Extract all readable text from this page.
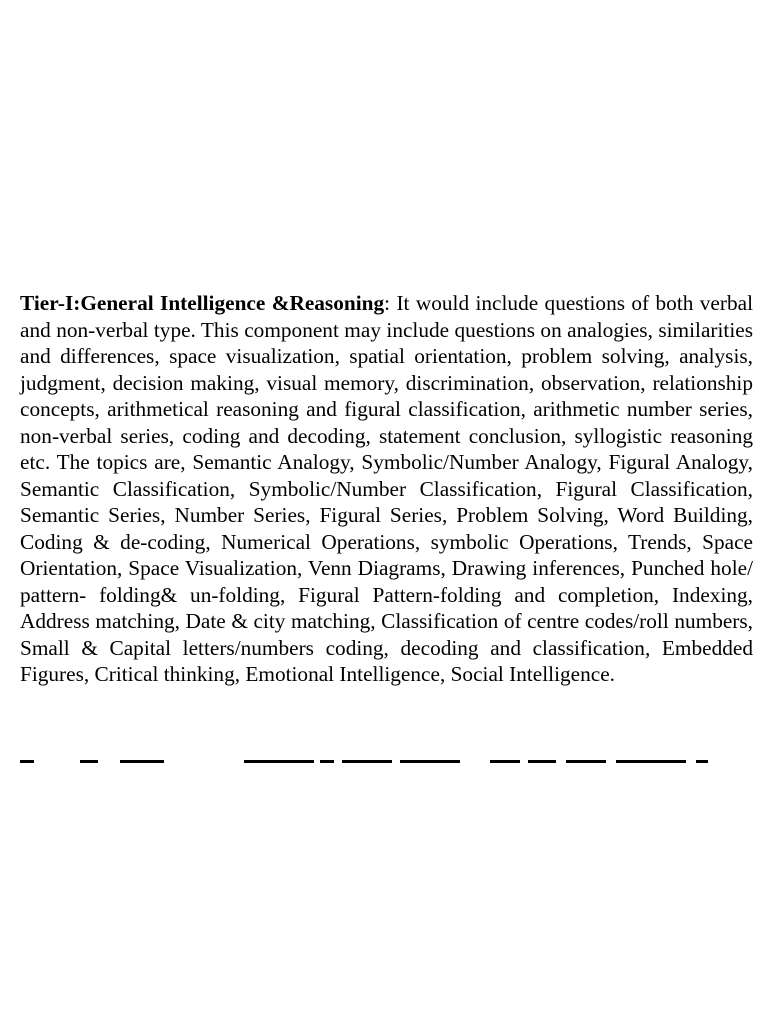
Tier-I:General Intelligence &Reasoning: It would include questions of both verbal and non-verbal type. This component may include questions on analogies, similarities and differences, space visualization, spatial orientation, problem solving, analysis, judgment, decision making, visual memory, discrimination, observation, relationship concepts, arithmetical reasoning and figural classification, arithmetic number series, non-verbal series, coding and decoding, statement conclusion, syllogistic reasoning etc. The topics are, Semantic Analogy, Symbolic/Number Analogy, Figural Analogy, Semantic Classification, Symbolic/Number Classification, Figural Classification, Semantic Series, Number Series, Figural Series, Problem Solving, Word Building, Coding & de-coding, Numerical Operations, symbolic Operations, Trends, Space Orientation, Space Visualization, Venn Diagrams, Drawing inferences, Punched hole/ pattern- folding& un-folding, Figural Pattern-folding and completion, Indexing, Address matching, Date & city matching, Classification of centre codes/roll numbers, Small & Capital letters/numbers coding, decoding and classification, Embedded Figures, Critical thinking, Emotional Intelligence, Social Intelligence.
